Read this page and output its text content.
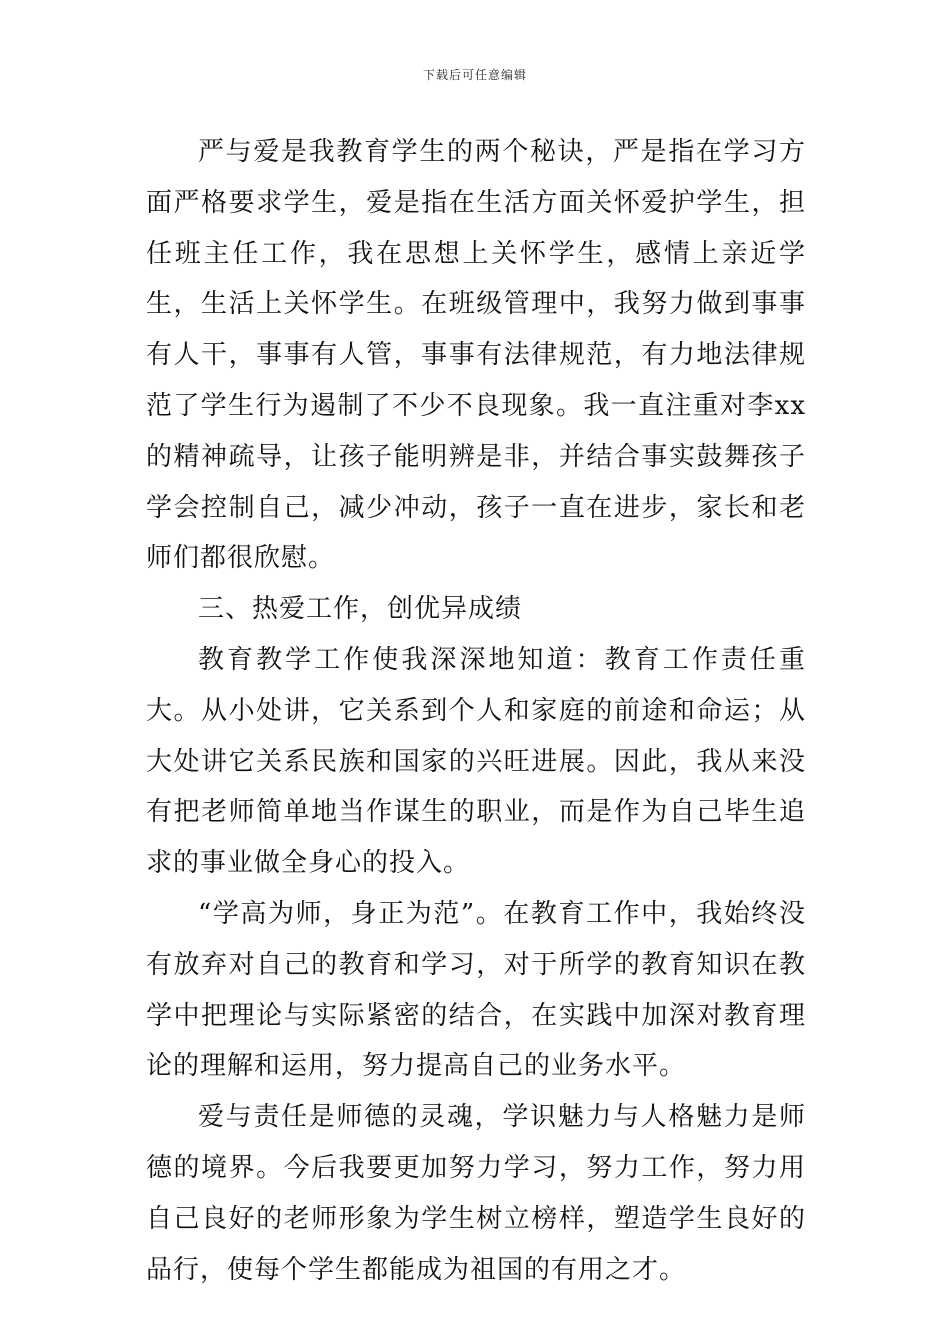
下载后可任意编辑

严与爱是我教育学生的两个秘诀，严是指在学习方面严格要求学生，爱是指在生活方面关怀爱护学生，担任班主任工作，我在思想上关怀学生，感情上亲近学生，生活上关怀学生。在班级管理中，我努力做到事事有人干，事事有人管，事事有法律规范，有力地法律规范了学生行为遏制了不少不良现象。我一直注重对李xx的精神疏导，让孩子能明辨是非，并结合事实鼓舞孩子学会控制自己，减少冲动，孩子一直在进步，家长和老师们都很欣慰。

三、热爱工作，创优异成绩

教育教学工作使我深深地知道：教育工作责任重大。从小处讲，它关系到个人和家庭的前途和命运；从大处讲它关系民族和国家的兴旺进展。因此，我从来没有把老师简单地当作谋生的职业，而是作为自己毕生追求的事业做全身心的投入。

“学高为师，身正为范”。在教育工作中，我始终没有放弃对自己的教育和学习，对于所学的教育知识在教学中把理论与实际紧密的结合，在实践中加深对教育理论的理解和运用，努力提高自己的业务水平。

爱与责任是师德的灵魂，学识魅力与人格魅力是师德的境界。今后我要更加努力学习，努力工作，努力用自己良好的老师形象为学生树立榜样，塑造学生良好的品行，使每个学生都能成为祖国的有用之才。
